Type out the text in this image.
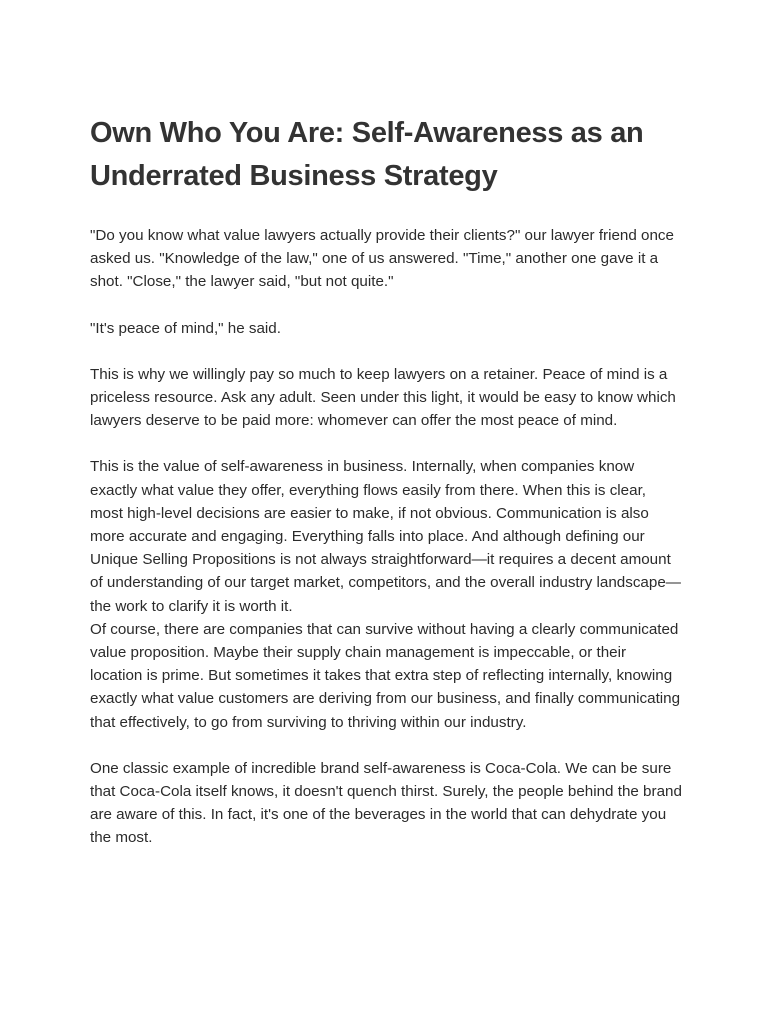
Own Who You Are: Self-Awareness as an Underrated Business Strategy

"Do you know what value lawyers actually provide their clients?" our lawyer friend once asked us. "Knowledge of the law," one of us answered. "Time," another one gave it a shot. "Close," the lawyer said, "but not quite."

"It's peace of mind," he said.

This is why we willingly pay so much to keep lawyers on a retainer. Peace of mind is a priceless resource. Ask any adult. Seen under this light, it would be easy to know which lawyers deserve to be paid more: whomever can offer the most peace of mind.

This is the value of self-awareness in business. Internally, when companies know exactly what value they offer, everything flows easily from there. When this is clear, most high-level decisions are easier to make, if not obvious. Communication is also more accurate and engaging. Everything falls into place. And although defining our Unique Selling Propositions is not always straightforward—it requires a decent amount of understanding of our target market, competitors, and the overall industry landscape— the work to clarify it is worth it.

Of course, there are companies that can survive without having a clearly communicated value proposition. Maybe their supply chain management is impeccable, or their location is prime. But sometimes it takes that extra step of reflecting internally, knowing exactly what value customers are deriving from our business, and finally communicating that effectively, to go from surviving to thriving within our industry.

One classic example of incredible brand self-awareness is Coca-Cola. We can be sure that Coca-Cola itself knows, it doesn't quench thirst. Surely, the people behind the brand are aware of this. In fact, it's one of the beverages in the world that can dehydrate you the most.
